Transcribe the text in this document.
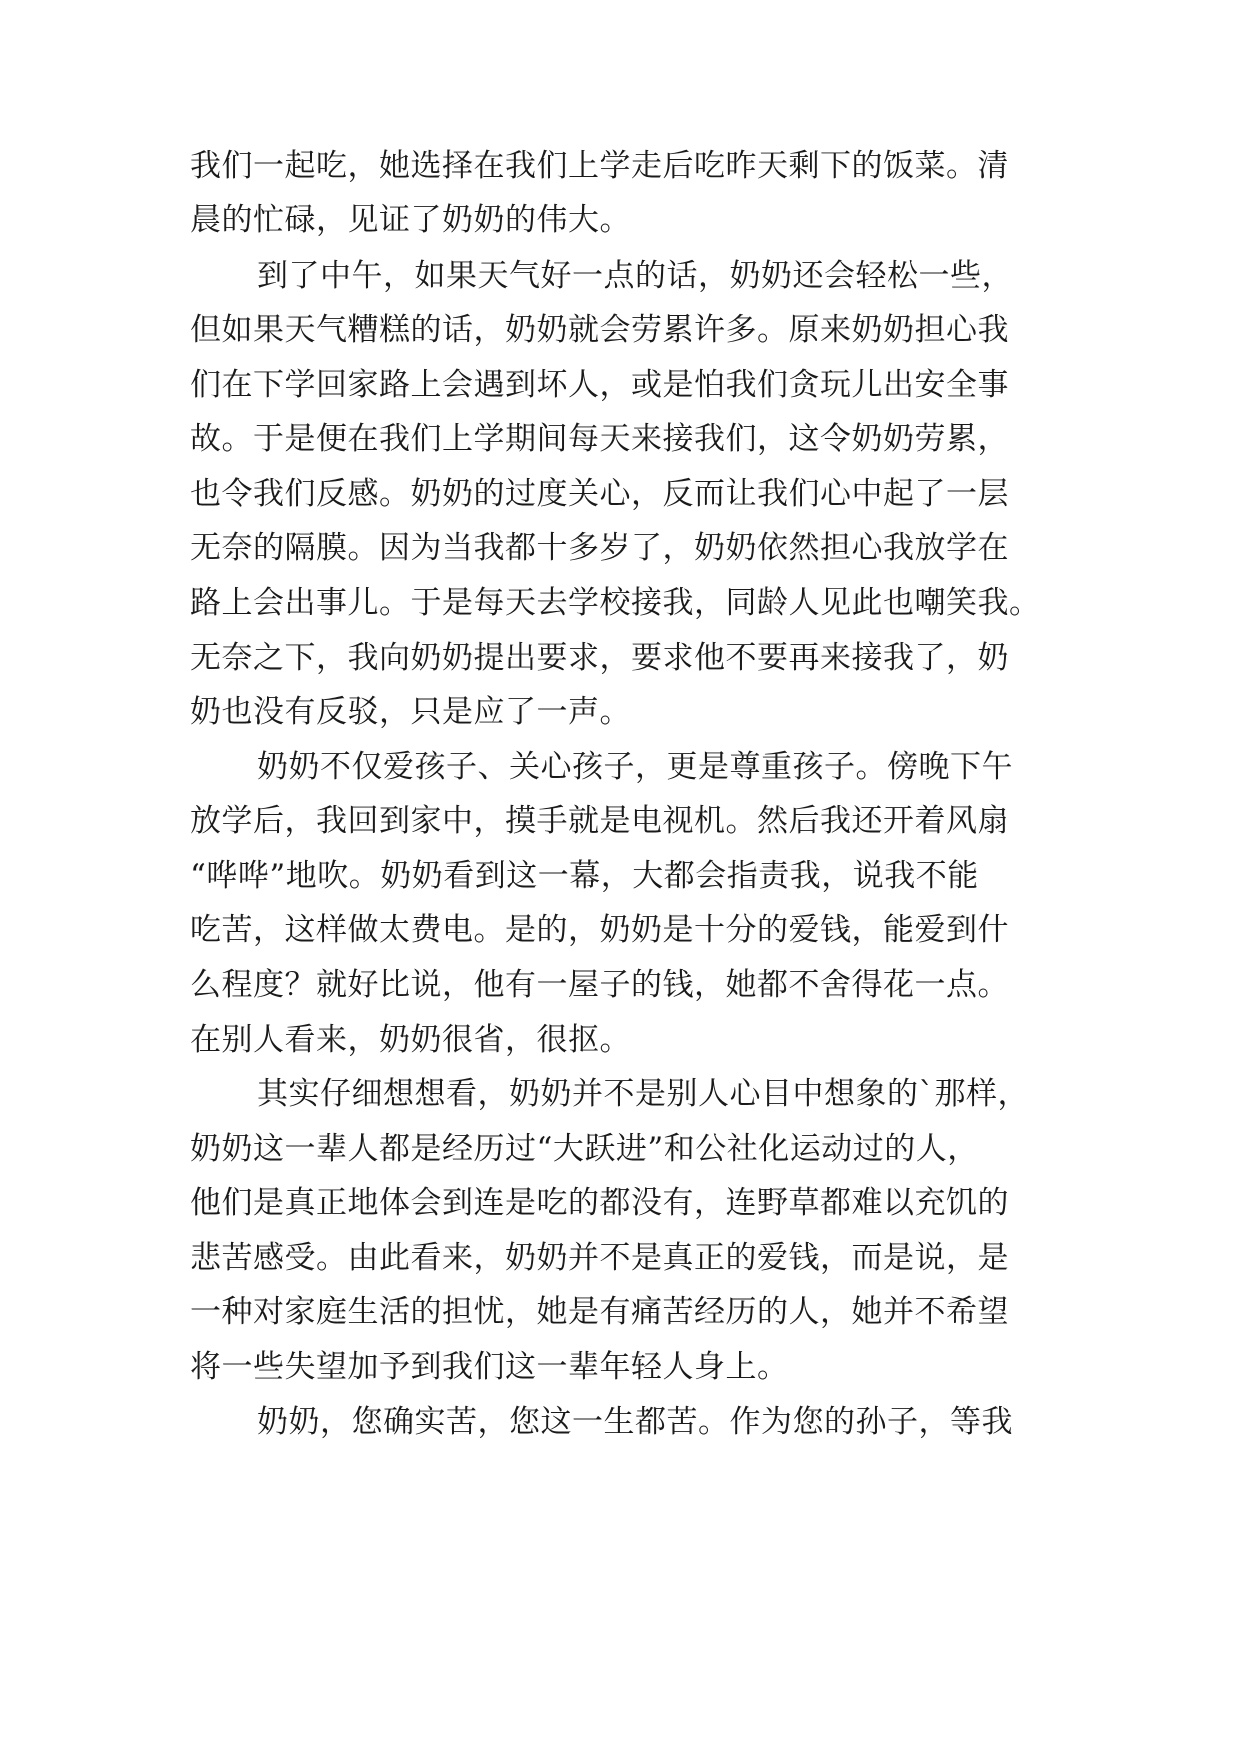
我们一起吃，她选择在我们上学走后吃昨天剩下的饭菜。清
晨的忙碌，见证了奶奶的伟大。
到了中午，如果天气好一点的话，奶奶还会轻松一些，
但如果天气糟糕的话，奶奶就会劳累许多。原来奶奶担心我
们在下学回家路上会遇到坏人，或是怕我们贪玩儿出安全事
故。于是便在我们上学期间每天来接我们，这令奶奶劳累，
也令我们反感。奶奶的过度关心，反而让我们心中起了一层
无奈的隔膜。因为当我都十多岁了，奶奶依然担心我放学在
路上会出事儿。于是每天去学校接我，同龄人见此也嘲笑我。
无奈之下，我向奶奶提出要求，要求他不要再来接我了，奶
奶也没有反驳，只是应了一声。
奶奶不仅爱孩子、关心孩子，更是尊重孩子。傍晚下午
放学后，我回到家中，摸手就是电视机。然后我还开着风扇
“哗哗”地吹。奶奶看到这一幕，大都会指责我，说我不能
吃苦，这样做太费电。是的，奶奶是十分的爱钱，能爱到什
么程度？就好比说，他有一屋子的钱，她都不舍得花一点。
在别人看来，奶奶很省，很抠。
其实仔细想想看，奶奶并不是别人心目中想象的`那样，
奶奶这一辈人都是经历过“大跃进”和公社化运动过的人，
他们是真正地体会到连是吃的都没有，连野草都难以充饥的
悲苦感受。由此看来，奶奶并不是真正的爱钱，而是说，是
一种对家庭生活的担忧，她是有痛苦经历的人，她并不希望
将一些失望加予到我们这一辈年轻人身上。
奶奶，您确实苦，您这一生都苦。作为您的孙子，等我
